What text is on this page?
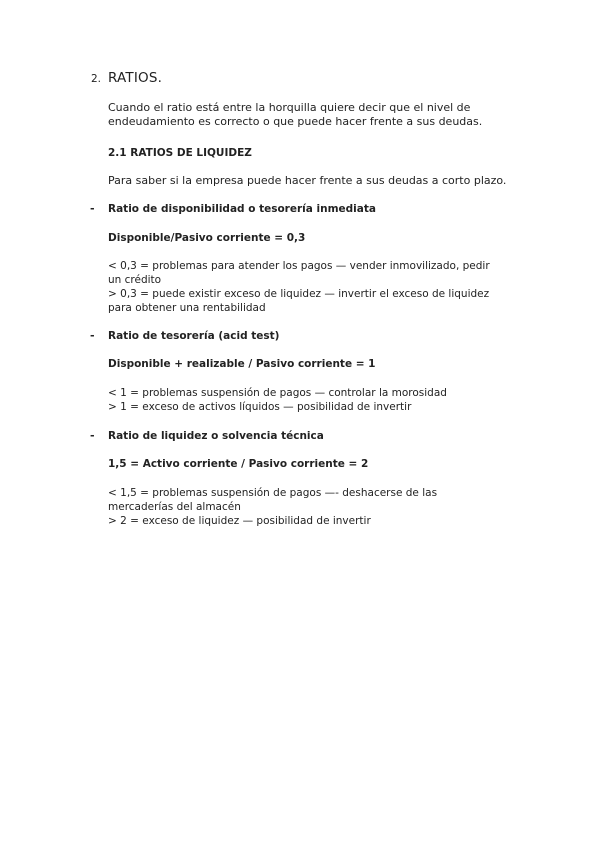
2. RATIOS.

Cuando el ratio está entre la horquilla quiere decir que el nivel de

endeudamiento es correcto o que puede hacer frente a sus deudas.

2.1 RATIOS DE LIQUIDEZ
Para saber si la empresa puede hacer frente a sus deudas a corto plazo.
- Ratio de disponibilidad o tesorería inmediata
Disponible/Pasivo corriente = 0,3

< 0,3 = problemas para atender los pagos — vender inmovilizado, pedir

un crédito

> 0,3 = puede existir exceso de liquidez — invertir el exceso de liquidez

para obtener una rentabilidad

- Ratio de tesorería (acid test)
Disponible + realizable / Pasivo corriente = 1

< 1 = problemas suspensión de pagos — controlar la morosidad

> 1 = exceso de activos líquidos — posibilidad de invertir

- Ratio de liquidez o solvencia técnica
1,5 = Activo corriente / Pasivo corriente = 2

< 1,5 = problemas suspensión de pagos —- deshacerse de las

mercaderías del almacén

> 2 = exceso de liquidez — posibilidad de invertir
